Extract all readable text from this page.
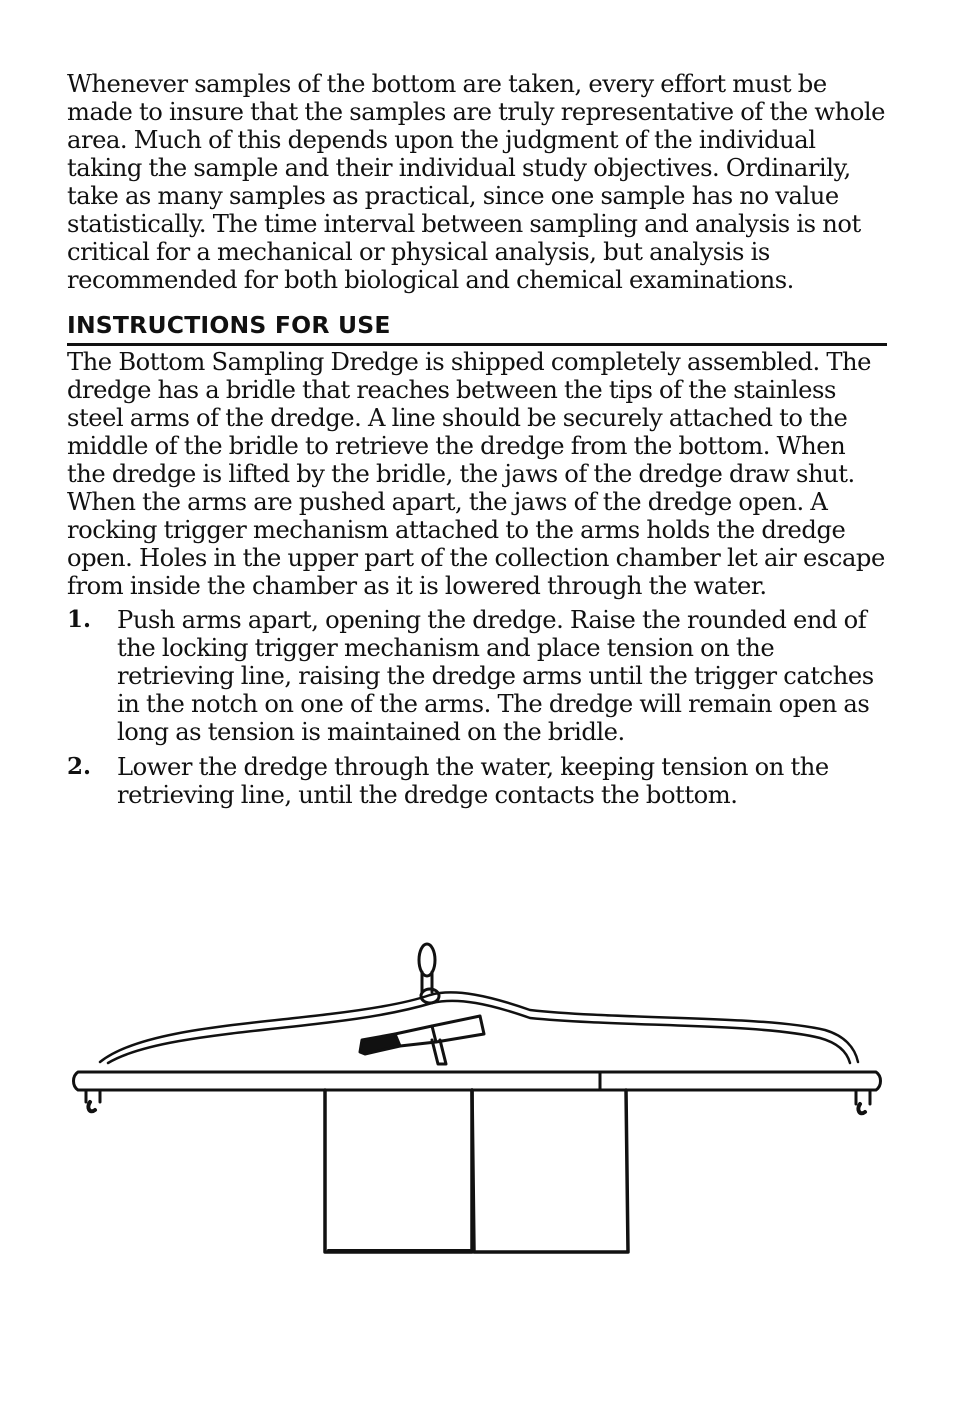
Whenever samples of the bottom are taken, every effort must be made to insure that the samples are truly representative of the whole area. Much of this depends upon the judgment of the individual taking the sample and their individual study objectives. Ordinarily, take as many samples as practical, since one sample has no value statistically. The time interval between sampling and analysis is not critical for a mechanical or physical analysis, but analysis is recommended for both biological and chemical examinations.

INSTRUCTIONS FOR USE

The Bottom Sampling Dredge is shipped completely assembled. The dredge has a bridle that reaches between the tips of the stainless steel arms of the dredge. A line should be securely attached to the middle of the bridle to retrieve the dredge from the bottom. When the dredge is lifted by the bridle, the jaws of the dredge draw shut. When the arms are pushed apart, the jaws of the dredge open. A rocking trigger mechanism attached to the arms holds the dredge open. Holes in the upper part of the collection chamber let air escape from inside the chamber as it is lowered through the water.

1.	Push arms apart, opening the dredge. Raise the rounded end of the locking trigger mechanism and place tension on the retrieving line, raising the dredge arms until the trigger catches in the notch on one of the arms. The dredge will remain open as long as tension is maintained on the bridle.
2.	Lower the dredge through the water, keeping tension on the retrieving line, until the dredge contacts the bottom.
